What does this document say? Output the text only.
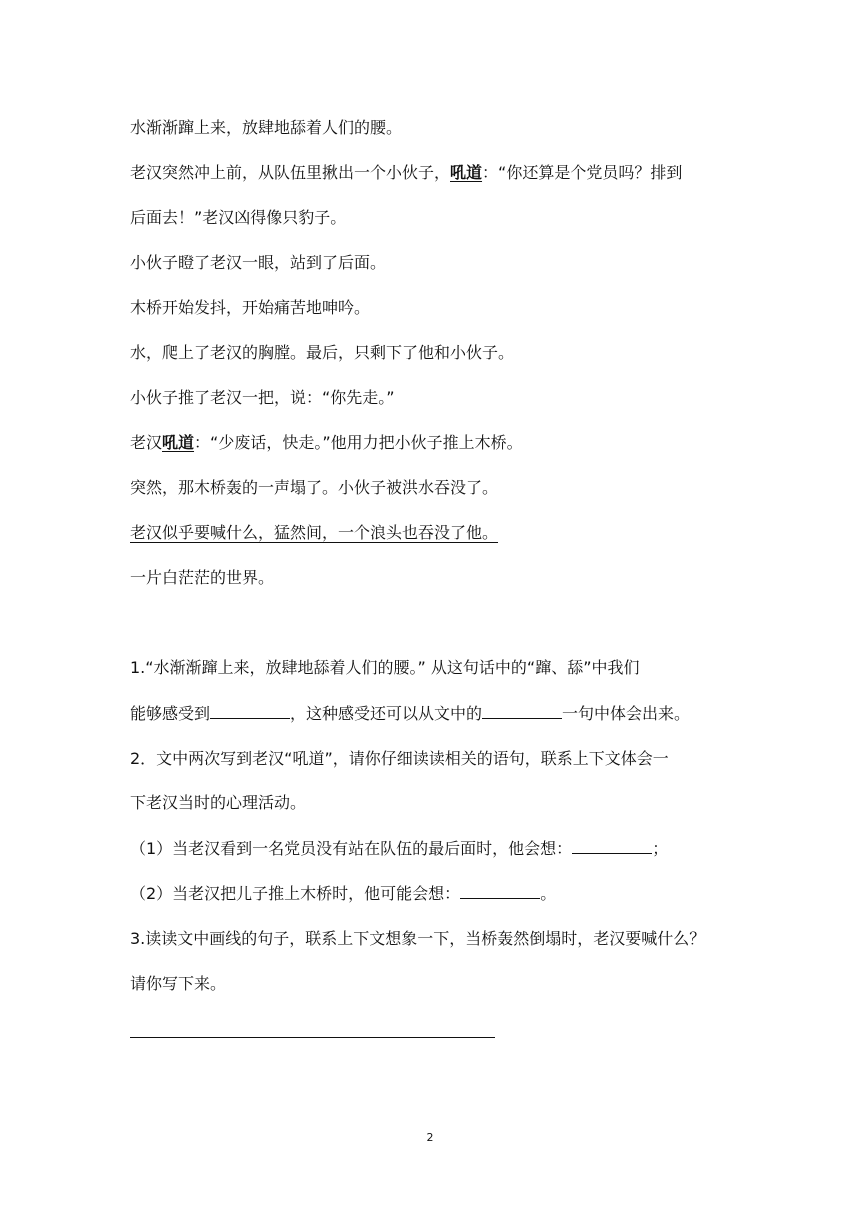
水渐渐蹿上来，放肆地舔着人们的腰。
老汉突然冲上前，从队伍里揪出一个小伙子，吼道：“你还算是个党员吗？排到
后面去！”老汉凶得像只豹子。
小伙子瞪了老汉一眼，站到了后面。
木桥开始发抖，开始痛苦地呻吟。
水，爬上了老汉的胸膛。最后，只剩下了他和小伙子。
小伙子推了老汉一把，说：“你先走。”
老汉吼道：“少废话，快走。”他用力把小伙子推上木桥。
突然，那木桥轰的一声塌了。小伙子被洪水吞没了。
老汉似乎要喊什么，猛然间，一个浪头也吞没了他。
一片白茫茫的世界。
1.“水渐渐蹿上来，放肆地舔着人们的腰。” 从这句话中的“蹿、舔”中我们
能够感受到	，这种感受还可以从文中的	一句中体会出来。
2．文中两次写到老汉“吼道”，请你仔细读读相关的语句，联系上下文体会一
下老汉当时的心理活动。
（1）当老汉看到一名党员没有站在队伍的最后面时，他会想：	；
（2）当老汉把儿子推上木桥时，他可能会想：	。
3.读读文中画线的句子，联系上下文想象一下，当桥轰然倒塌时，老汉要喊什么？
请你写下来。
2
